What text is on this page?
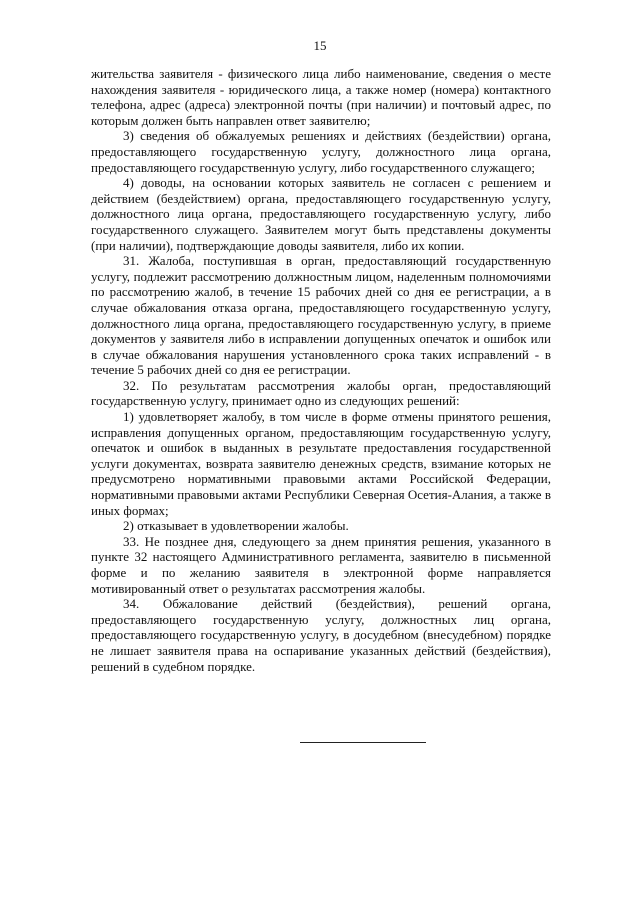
15

жительства заявителя - физического лица либо наименование, сведения о месте нахождения заявителя - юридического лица, а также номер (номера) контактного телефона, адрес (адреса) электронной почты (при наличии) и почтовый адрес, по которым должен быть направлен ответ заявителю;

3) сведения об обжалуемых решениях и действиях (бездействии) органа, предоставляющего государственную услугу, должностного лица органа, предоставляющего государственную услугу, либо государственного служащего;

4) доводы, на основании которых заявитель не согласен с решением и действием (бездействием) органа, предоставляющего государственную услугу, должностного лица органа, предоставляющего государственную услугу, либо государственного служащего. Заявителем могут быть представлены документы (при наличии), подтверждающие доводы заявителя, либо их копии.

31. Жалоба, поступившая в орган, предоставляющий государственную услугу, подлежит рассмотрению должностным лицом, наделенным полномочиями по рассмотрению жалоб, в течение 15 рабочих дней со дня ее регистрации, а в случае обжалования отказа органа, предоставляющего государственную услугу, должностного лица органа, предоставляющего государственную услугу, в приеме документов у заявителя либо в исправлении допущенных опечаток и ошибок или в случае обжалования нарушения установленного срока таких исправлений - в течение 5 рабочих дней со дня ее регистрации.

32. По результатам рассмотрения жалобы орган, предоставляющий государственную услугу, принимает одно из следующих решений:

1) удовлетворяет жалобу, в том числе в форме отмены принятого решения, исправления допущенных органом, предоставляющим государственную услугу, опечаток и ошибок в выданных в результате предоставления государственной услуги документах, возврата заявителю денежных средств, взимание которых не предусмотрено нормативными правовыми актами Российской Федерации, нормативными правовыми актами Республики Северная Осетия-Алания, а также в иных формах;

2) отказывает в удовлетворении жалобы.

33. Не позднее дня, следующего за днем принятия решения, указанного в пункте 32 настоящего Административного регламента, заявителю в письменной форме и по желанию заявителя в электронной форме направляется мотивированный ответ о результатах рассмотрения жалобы.

34. Обжалование действий (бездействия), решений органа, предоставляющего государственную услугу, должностных лиц органа, предоставляющего государственную услугу, в досудебном (внесудебном) порядке не лишает заявителя права на оспаривание указанных действий (бездействия), решений в судебном порядке.
